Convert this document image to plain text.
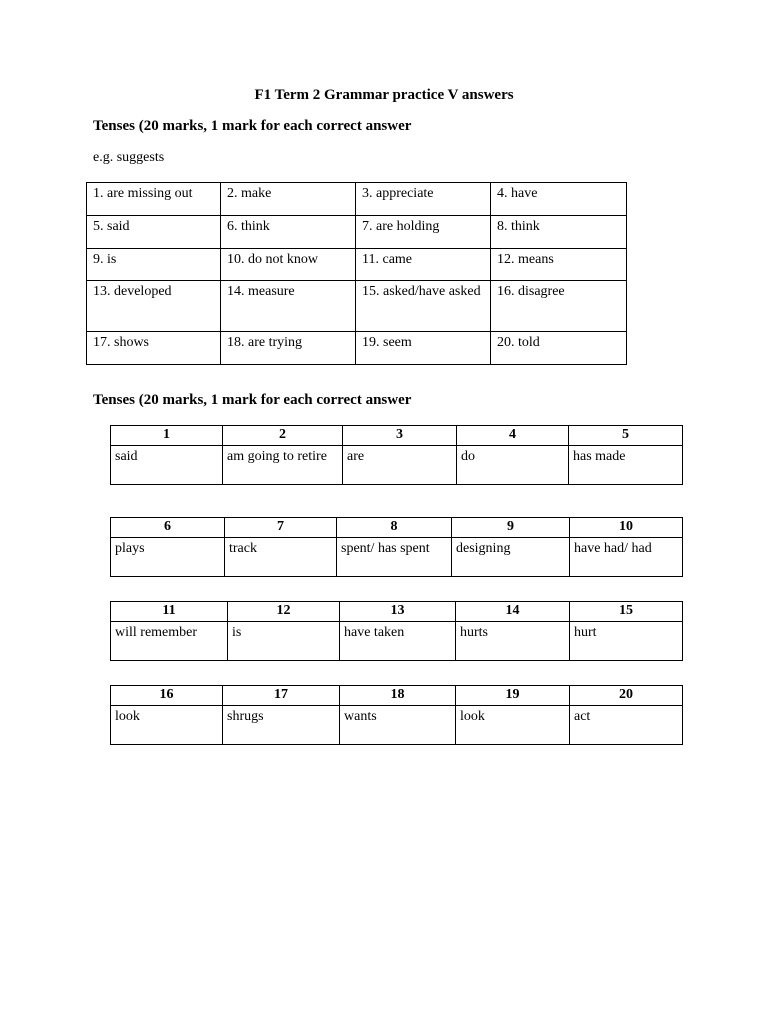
F1 Term 2 Grammar practice V answers
Tenses (20 marks, 1 mark for each correct answer
e.g. suggests
1. are missing out	2. make	3. appreciate	4. have
5. said	6. think	7. are holding	8. think
9. is	10. do not know	11. came	12. means
13. developed	14. measure	15. asked/have asked	16. disagree
17. shows	18. are trying	19. seem	20. told
Tenses (20 marks, 1 mark for each correct answer
1	2	3	4	5
said	am going to retire	are	do	has made
6	7	8	9	10
plays	track	spent/ has spent	designing	have had/ had
11	12	13	14	15
will remember	is	have taken	hurts	hurt
16	17	18	19	20
look	shrugs	wants	look	act
